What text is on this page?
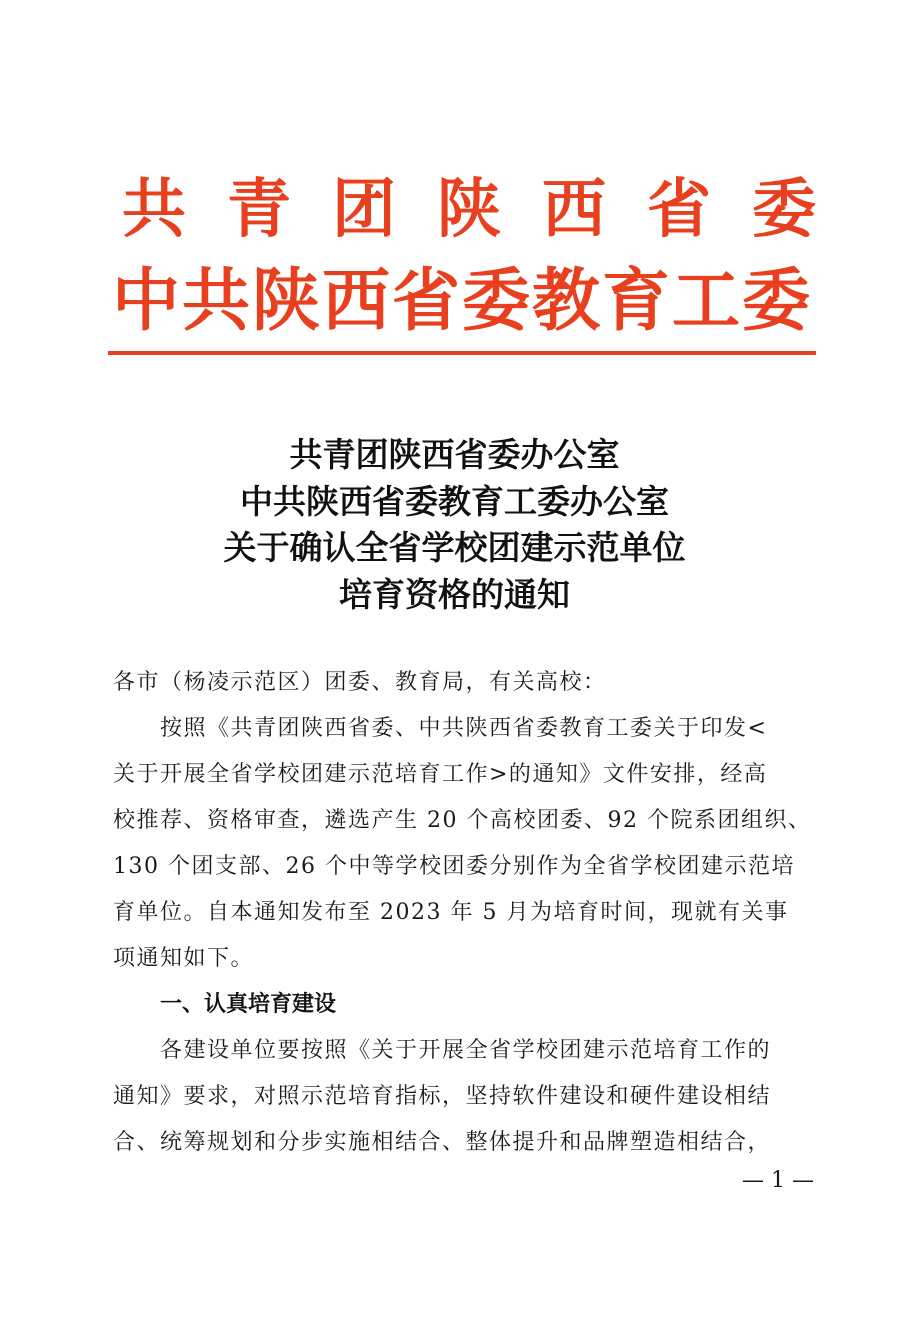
共青团陕西省委
中共陕西省委教育工委
共青团陕西省委办公室
中共陕西省委教育工委办公室
关于确认全省学校团建示范单位
培育资格的通知
各市（杨凌示范区）团委、教育局，有关高校：
按照《共青团陕西省委、中共陕西省委教育工委关于印发<
关于开展全省学校团建示范培育工作>的通知》文件安排，经高
校推荐、资格审查，遴选产生 20 个高校团委、92 个院系团组织、
130 个团支部、26 个中等学校团委分别作为全省学校团建示范培
育单位。自本通知发布至 2023 年 5 月为培育时间，现就有关事
项通知如下。
一、认真培育建设
各建设单位要按照《关于开展全省学校团建示范培育工作的
通知》要求，对照示范培育指标，坚持软件建设和硬件建设相结
合、统筹规划和分步实施相结合、整体提升和品牌塑造相结合，
— 1 —
